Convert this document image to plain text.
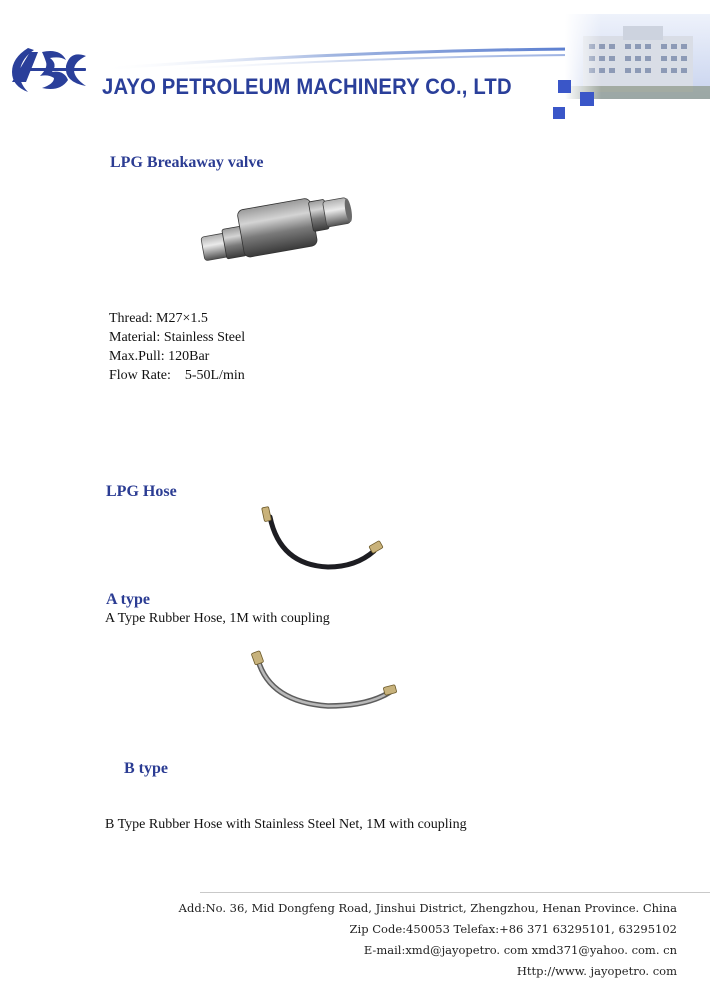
JAYO PETROLEUM MACHINERY CO., LTD
LPG Breakaway valve
Thread: M27×1.5
Material: Stainless Steel
Max.Pull: 120Bar
Flow Rate: 5-50L/min
LPG Hose
A type
A Type Rubber Hose, 1M with coupling
B type
B Type Rubber Hose with Stainless Steel Net, 1M with coupling
Add:No. 36, Mid Dongfeng Road, Jinshui District, Zhengzhou, Henan Province. China
Zip Code:450053 Telefax:+86 371 63295101, 63295102
E-mail:xmd@jayopetro. com xmd371@yahoo. com. cn
Http://www. jayopetro. com
